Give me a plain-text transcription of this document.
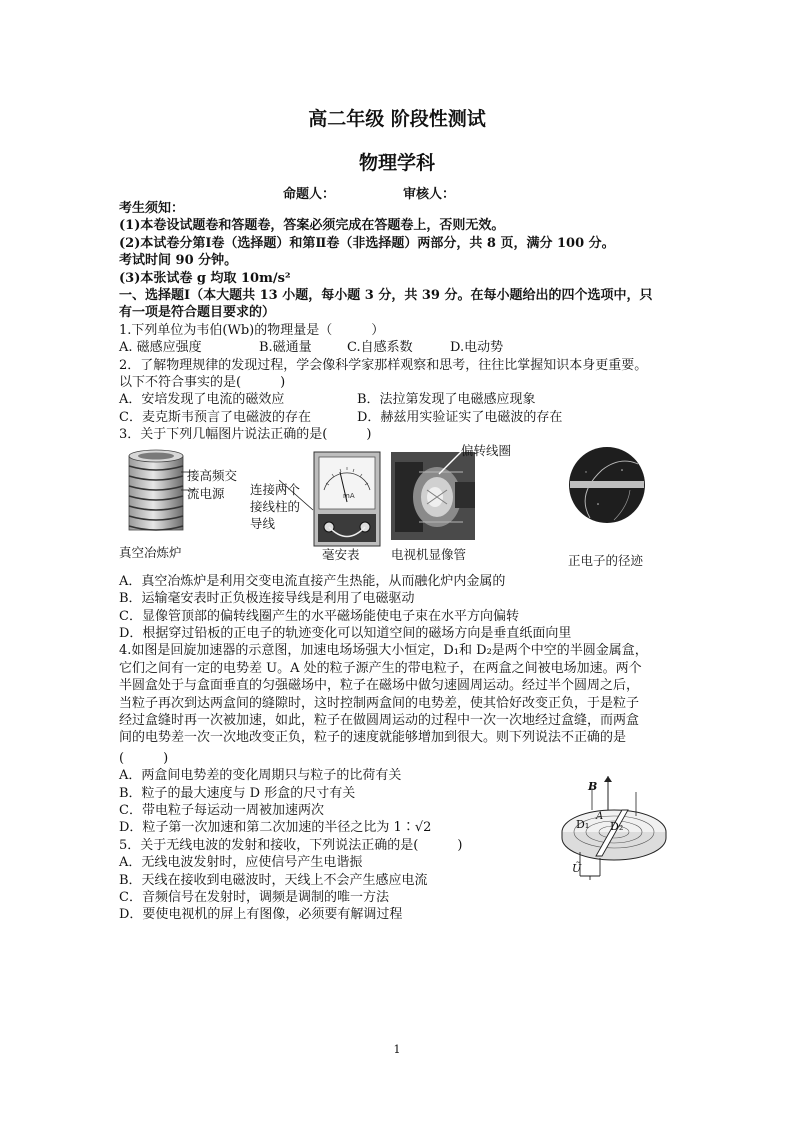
高二年级 阶段性测试
物理学科
命题人：	审核人：
考生须知：
(1)本卷设试题卷和答题卷，答案必须完成在答题卷上，否则无效。
(2)本试卷分第Ⅰ卷（选择题）和第Ⅱ卷（非选择题）两部分，共 8 页，满分 100 分。
考试时间 90 分钟。
(3)本张试卷 g 均取 10m/s²
一、选择题Ⅰ（本大题共 13 小题，每小题 3 分，共 39 分。在每小题给出的四个选项中，只
有一项是符合题目要求的）
1.下列单位为韦伯(Wb)的物理量是（　　　）
A. 磁感应强度	B.磁通量	C.自感系数	D.电动势
2．了解物理规律的发现过程，学会像科学家那样观察和思考，往往比掌握知识本身更重要。
以下不符合事实的是(　　　)
A．安培发现了电流的磁效应	B．法拉第发现了电磁感应现象
C．麦克斯韦预言了电磁波的存在	D．赫兹用实验证实了电磁波的存在
3．关于下列几幅图片说法正确的是(　　　)
接高频交
流电源
真空冶炼炉
mA
连接两个
接线柱的
导线
毫安表
偏转线圈
电视机显像管	正电子的径迹
A．真空冶炼炉是利用交变电流直接产生热能，从而融化炉内金属的
B．运输毫安表时正负极连接导线是利用了电磁驱动
C．显像管顶部的偏转线圈产生的水平磁场能使电子束在水平方向偏转
D．根据穿过铅板的正电子的轨迹变化可以知道空间的磁场方向是垂直纸面向里
4.如图是回旋加速器的示意图，加速电场场强大小恒定，D₁和 D₂是两个中空的半圆金属盒，
它们之间有一定的电势差 U。A 处的粒子源产生的带电粒子，在两盒之间被电场加速。两个
半圆盒处于与盒面垂直的匀强磁场中，粒子在磁场中做匀速圆周运动。经过半个圆周之后，
当粒子再次到达两盒间的缝隙时，这时控制两盒间的电势差，使其恰好改变正负，于是粒子
经过盒缝时再一次被加速，如此，粒子在做圆周运动的过程中一次一次地经过盒缝，而两盒
间的电势差一次一次地改变正负，粒子的速度就能够增加到很大。则下列说法不正确的是
(　　　)
A．两盒间电势差的变化周期只与粒子的比荷有关
B．粒子的最大速度与 D 形盒的尺寸有关
C．带电粒子每运动一周被加速两次
D．粒子第一次加速和第二次加速的半径之比为 1∶√2
5．关于无线电波的发射和接收，下列说法正确的是(　　　)
A．无线电波发射时，应使信号产生电谐振
B．天线在接收到电磁波时，天线上不会产生感应电流
C．音频信号在发射时，调频是调制的唯一方法
D．要使电视机的屏上有图像，必须要有解调过程
B
D₁
A
D₂
Ũ
1
